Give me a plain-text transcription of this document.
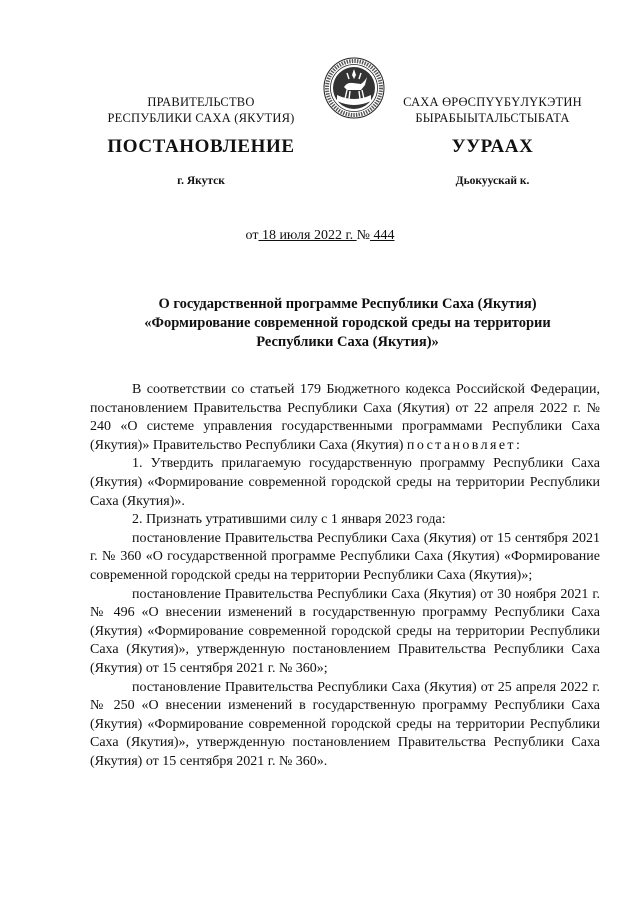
ПРАВИТЕЛЬСТВО
РЕСПУБЛИКИ САХА (ЯКУТИЯ)
САХА ӨРӨСПҮҮБҮЛҮКЭТИН
БЫРАБЫЫТАЛЬСТЫБАТА
ПОСТАНОВЛЕНИЕ	УУРААХ
г. Якутск	Дьокуускай к.
от 18 июля 2022 г. № 444
О государственной программе Республики Саха (Якутия)
«Формирование современной городской среды на территории
Республики Саха (Якутия)»

В соответствии со статьей 179 Бюджетного кодекса Российской Федерации, постановлением Правительства Республики Саха (Якутия) от 22 апреля 2022 г. № 240 «О системе управления государственными программами Республики Саха (Якутия)» Правительство Республики Саха (Якутия) постановляет:

1. Утвердить прилагаемую государственную программу Республики Саха (Якутия) «Формирование современной городской среды на территории Республики Саха (Якутия)».

2. Признать утратившими силу с 1 января 2023 года:

постановление Правительства Республики Саха (Якутия) от 15 сентября 2021 г. № 360 «О государственной программе Республики Саха (Якутия) «Формирование современной городской среды на территории Республики Саха (Якутия)»;

постановление Правительства Республики Саха (Якутия) от 30 ноября 2021 г. № 496 «О внесении изменений в государственную программу Республики Саха (Якутия) «Формирование современной городской среды на территории Республики Саха (Якутия)», утвержденную постановлением Правительства Республики Саха (Якутия) от 15 сентября 2021 г. № 360»;

постановление Правительства Республики Саха (Якутия) от 25 апреля 2022 г. № 250 «О внесении изменений в государственную программу Республики Саха (Якутия) «Формирование современной городской среды на территории Республики Саха (Якутия)», утвержденную постановлением Правительства Республики Саха (Якутия) от 15 сентября 2021 г. № 360».
